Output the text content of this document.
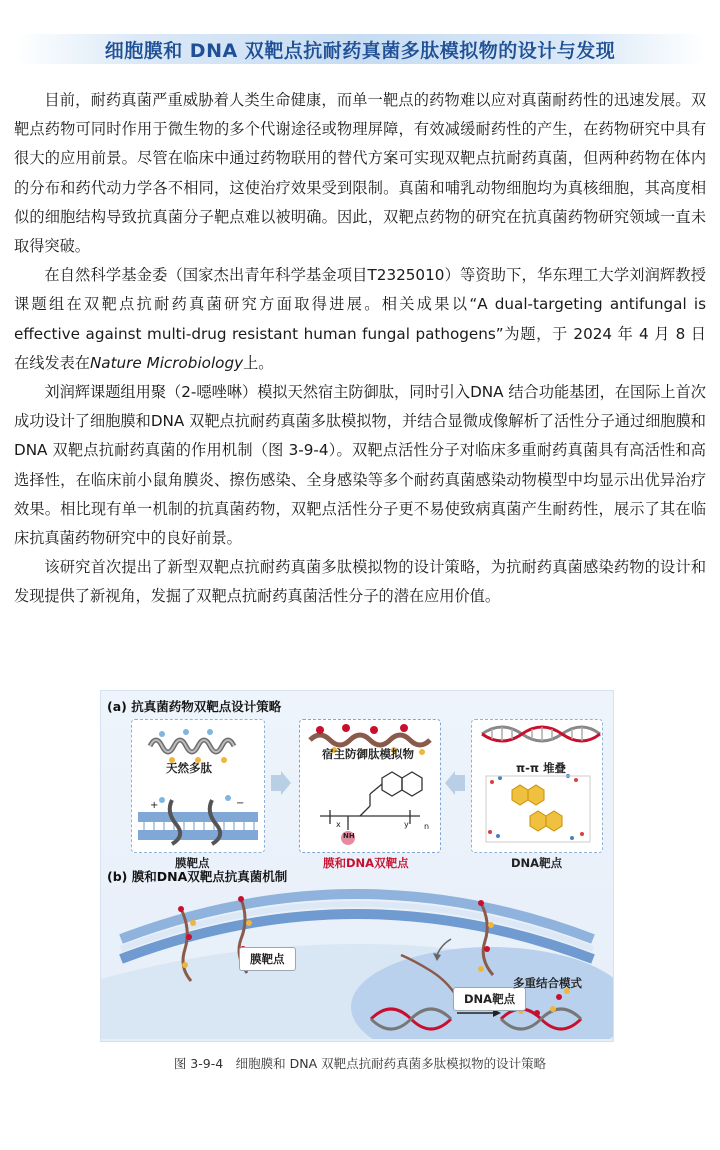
细胞膜和 DNA 双靶点抗耐药真菌多肽模拟物的设计与发现

目前，耐药真菌严重威胁着人类生命健康，而单一靶点的药物难以应对真菌耐药性的迅速发展。双靶点药物可同时作用于微生物的多个代谢途径或物理屏障，有效减缓耐药性的产生，在药物研究中具有很大的应用前景。尽管在临床中通过药物联用的替代方案可实现双靶点抗耐药真菌，但两种药物在体内的分布和药代动力学各不相同，这使治疗效果受到限制。真菌和哺乳动物细胞均为真核细胞，其高度相似的细胞结构导致抗真菌分子靶点难以被明确。因此，双靶点药物的研究在抗真菌药物研究领域一直未取得突破。

在自然科学基金委（国家杰出青年科学基金项目T2325010）等资助下，华东理工大学刘润辉教授课题组在双靶点抗耐药真菌研究方面取得进展。相关成果以“A dual-targeting antifungal is effective against multi-drug resistant human fungal pathogens”为题，于 2024 年 4 月 8 日在线发表在Nature Microbiology上。

刘润辉课题组用聚（2-噁唑啉）模拟天然宿主防御肽，同时引入DNA 结合功能基团，在国际上首次成功设计了细胞膜和DNA 双靶点抗耐药真菌多肽模拟物，并结合显微成像解析了活性分子通过细胞膜和DNA 双靶点抗耐药真菌的作用机制（图 3-9-4）。双靶点活性分子对临床多重耐药真菌具有高活性和高选择性，在临床前小鼠角膜炎、擦伤感染、全身感染等多个耐药真菌感染动物模型中均显示出优异治疗效果。相比现有单一机制的抗真菌药物，双靶点活性分子更不易使致病真菌产生耐药性，展示了其在临床抗真菌药物研究中的良好前景。

该研究首次提出了新型双靶点抗耐药真菌多肽模拟物的设计策略，为抗耐药真菌感染药物的设计和发现提供了新视角，发掘了双靶点抗耐药真菌活性分子的潜在应用价值。

(a) 抗真菌药物双靶点设计策略
+	−
天然多肽
膜靶点
宿主防御肽模拟物
NH
x	y n
膜和DNA双靶点
π-π 堆叠
DNA靶点
(b) 膜和DNA双靶点抗真菌机制
膜靶点
DNA靶点
多重结合模式
图 3-9-4　细胞膜和 DNA 双靶点抗耐药真菌多肽模拟物的设计策略
